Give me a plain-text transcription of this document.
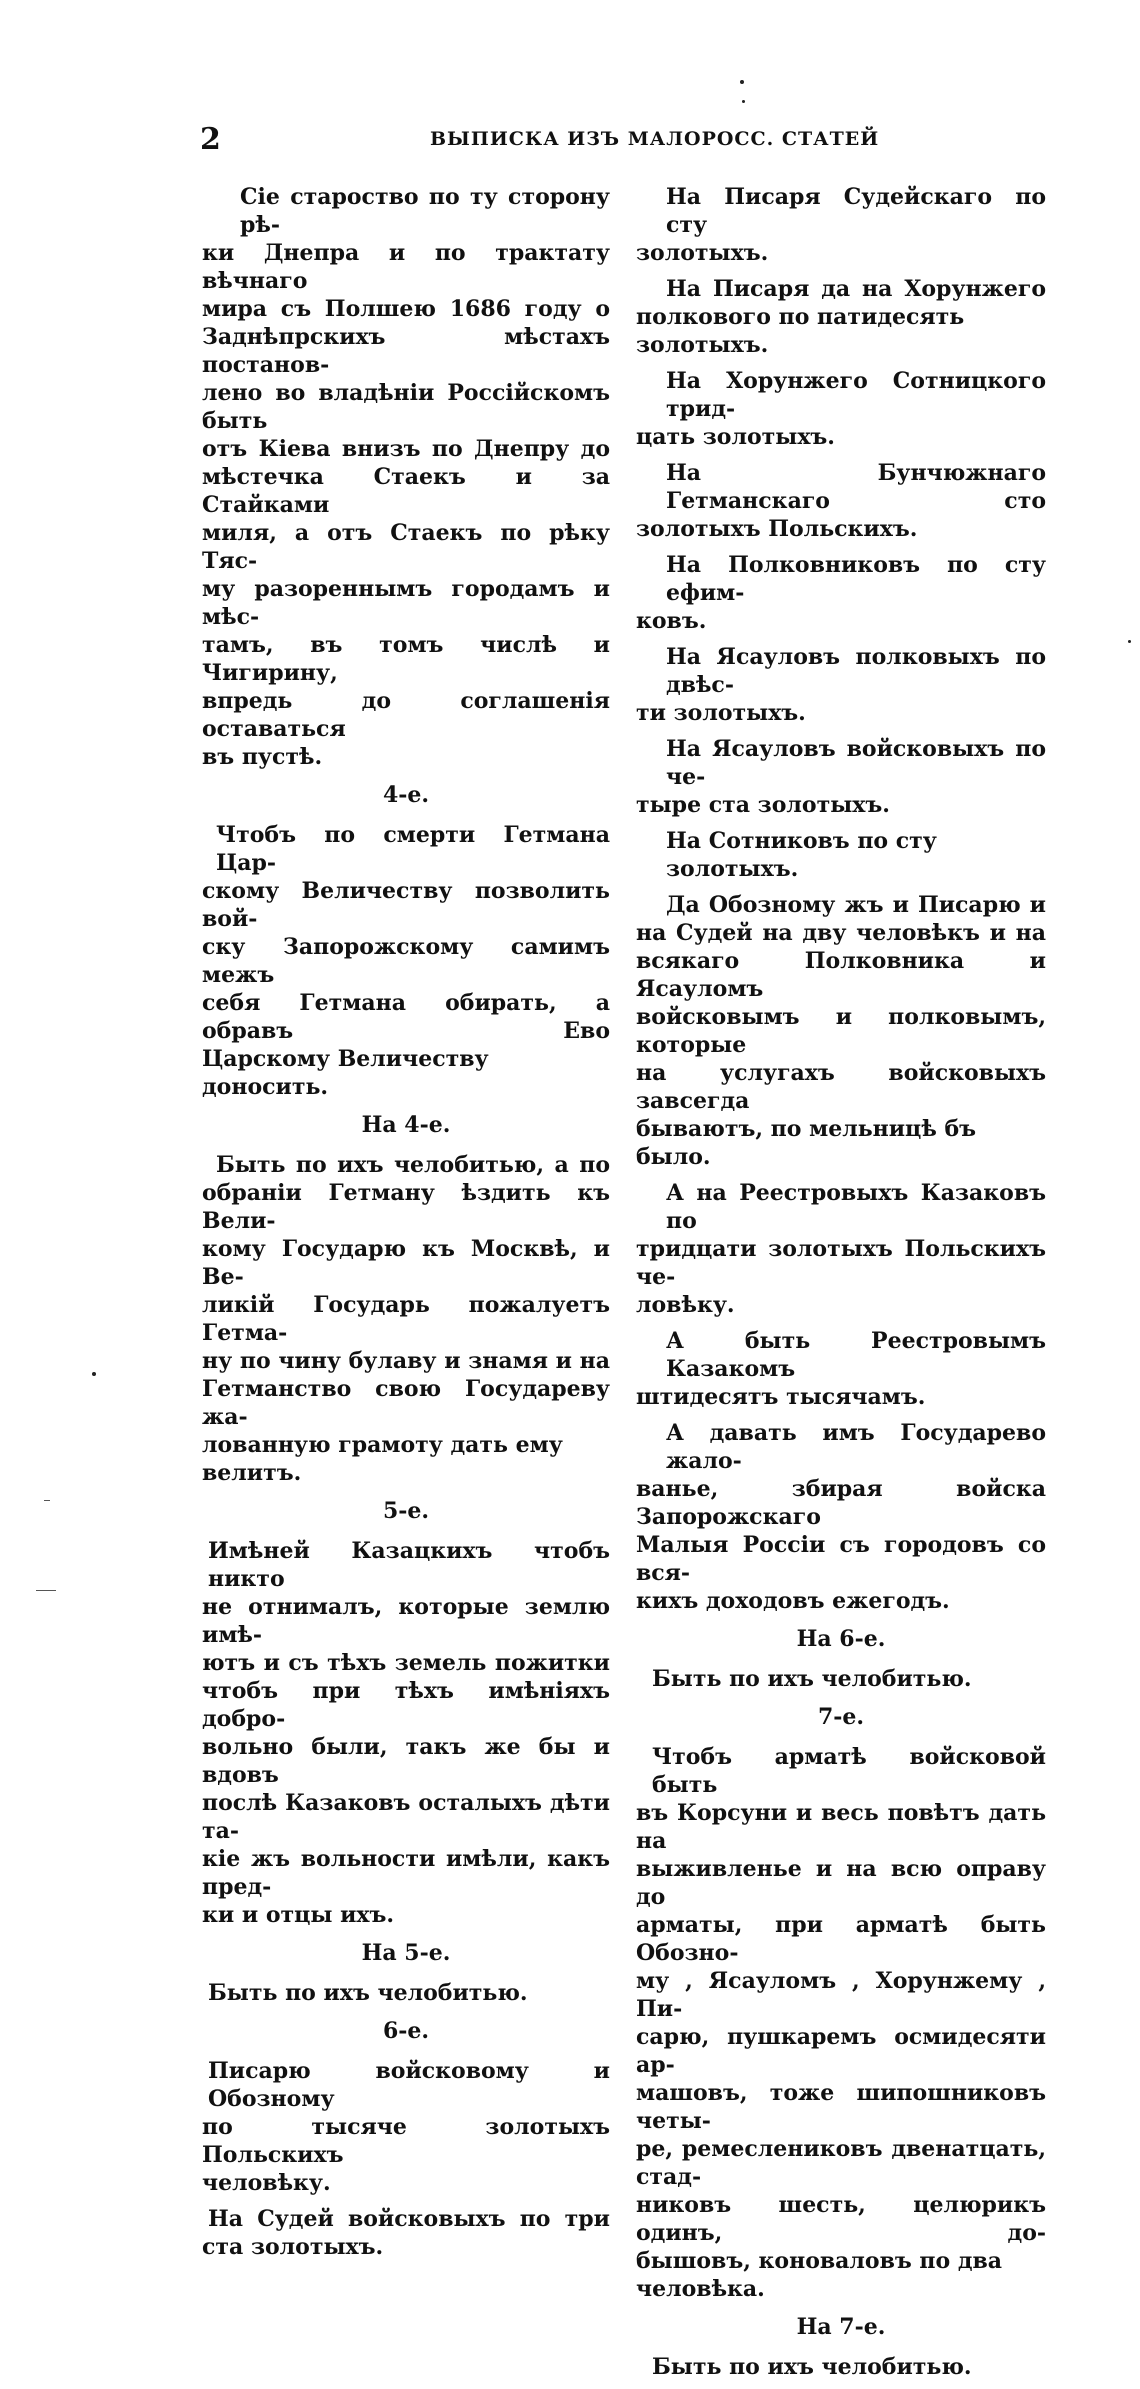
2	ВЫПИСКА ИЗЪ МАЛОРОСС. СТАТЕЙ
Сіе староство по ту сторону рѣ-
ки Днепра и по трактату вѣчнаго
мира съ Полшею 1686 году о
Заднѣпрскихъ мѣстахъ постанов-
лено во владѣніи Россійскомъ быть
отъ Кіева внизъ по Днепру до
мѣстечка Стаекъ и за Стайками
миля, а отъ Стаекъ по рѣку Тяс-
му разореннымъ городамъ и мѣс-
тамъ, въ томъ числѣ и Чигирину,
впредь до соглашенія оставаться
въ пустѣ.
4-е.
Чтобъ по смерти Гетмана Цар-
скому Величеству позволить вой-
ску Запорожскому самимъ межъ
себя Гетмана обирать, а обравъ Ево
Царскому Величеству доносить.
На 4-е.
Быть по ихъ челобитью, а по
обраніи Гетману ѣздить къ Вели-
кому Государю къ Москвѣ, и Ве-
ликій Государь пожалуетъ Гетма-
ну по чину булаву и знамя и на
Гетманство свою Государеву жа-
лованную грамоту дать ему велитъ.
5-е.
Имѣней Казацкихъ чтобъ никто
не отнималъ, которые землю имѣ-
ютъ и съ тѣхъ земель пожитки
чтобъ при тѣхъ имѣніяхъ добро-
вольно были, такъ же бы и вдовъ
послѣ Казаковъ осталыхъ дѣти та-
кіе жъ вольности имѣли, какъ пред-
ки и отцы ихъ.
На 5-е.
Быть по ихъ челобитью.
6-е.
Писарю войсковому и Обозному
по тысяче золотыхъ Польскихъ
человѣку.
На Судей войсковыхъ по три
ста золотыхъ.
На Писаря Судейскаго по сту
золотыхъ.
На Писаря да на Хорунжего
полкового по патидесять золотыхъ.
На Хорунжего Сотницкого трид-
цать золотыхъ.
На Бунчюжнаго Гетманскаго сто
золотыхъ Польскихъ.
На Полковниковъ по сту ефим-
ковъ.
На Ясауловъ полковыхъ по двѣс-
ти золотыхъ.
На Ясауловъ войсковыхъ по че-
тыре ста золотыхъ.
На Сотниковъ по сту золотыхъ.
Да Обозному жъ и Писарю и
на Судей на дву человѣкъ и на
всякаго Полковника и Ясауломъ
войсковымъ и полковымъ, которые
на услугахъ войсковыхъ завсегда
бываютъ, по мельницѣ бъ было.
А на Реестровыхъ Казаковъ по
тридцати золотыхъ Польскихъ че-
ловѣку.
А быть Реестровымъ Казакомъ
штидесятъ тысячамъ.
А давать имъ Государево жало-
ванье, збирая войска Запорожскаго
Малыя Россіи съ городовъ со вся-
кихъ доходовъ ежегодъ.
На 6-е.
Быть по ихъ челобитью.
7-е.
Чтобъ арматѣ войсковой быть
въ Корсуни и весь повѣтъ дать на
выживленье и на всю оправу до
арматы, при арматѣ быть Обозно-
му , Ясауломъ , Хорунжему , Пи-
сарю, пушкаремъ осмидесяти ар-
машовъ, тоже шипошниковъ четы-
ре, ремеслениковъ двенатцать, стад-
никовъ шесть, целюрикъ одинъ, до-
бышовъ, коноваловъ по два человѣка.
На 7-е.
Быть по ихъ челобитью.
